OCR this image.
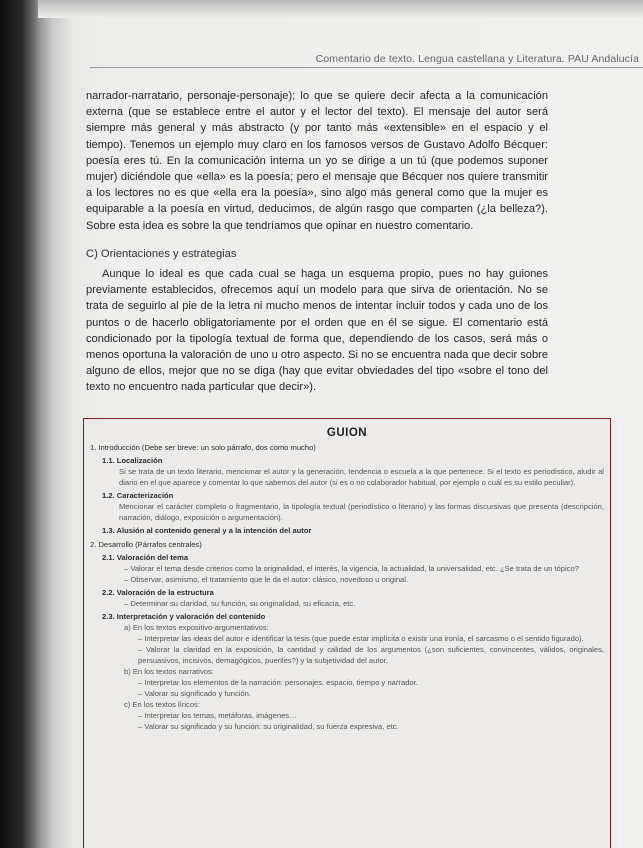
Comentario de texto. Lengua castellana y Literatura. PAU Andalucía
narrador-narratario, personaje-personaje); lo que se quiere decir afecta a la comunicación externa (que se establece entre el autor y el lector del texto). El mensaje del autor será siempre más general y más abstracto (y por tanto más «extensible» en el espacio y el tiempo). Tenemos un ejemplo muy claro en los famosos versos de Gustavo Adolfo Bécquer: poesía eres tú. En la comunicación interna un yo se dirige a un tú (que podemos suponer mujer) diciéndole que «ella» es la poesía; pero el mensaje que Bécquer nos quiere transmitir a los lectores no es que «ella era la poesía», sino algo más general como que la mujer es equiparable a la poesía en virtud, deducimos, de algún rasgo que comparten (¿la belleza?). Sobre esta idea es sobre la que tendríamos que opinar en nuestro comentario.
C) Orientaciones y estrategias
Aunque lo ideal es que cada cual se haga un esquema propio, pues no hay guiones previamente establecidos, ofrecemos aquí un modelo para que sirva de orientación. No se trata de seguirlo al pie de la letra ni mucho menos de intentar incluir todos y cada uno de los puntos o de hacerlo obligatoriamente por el orden que en él se sigue. El comentario está condicionado por la tipología textual de forma que, dependiendo de los casos, será más o menos oportuna la valoración de uno u otro aspecto. Si no se encuentra nada que decir sobre alguno de ellos, mejor que no se diga (hay que evitar obviedades del tipo «sobre el tono del texto no encuentro nada particular que decir»).
GUION
1. Introducción (Debe ser breve: un solo párrafo, dos como mucho)
1.1. Localización
Si se trata de un texto literario, mencionar el autor y la generación, tendencia o escuela a la que pertenece. Si el texto es periodístico, aludir al diario en el que aparece y comentar lo que sabemos del autor (si es o no colaborador habitual, por ejemplo o cuál es su estilo peculiar).
1.2. Caracterización
Mencionar el carácter completo o fragmentario, la tipología textual (periodístico o literario) y las formas discursivas que presenta (descripción, narración, diálogo, exposición o argumentación).
1.3. Alusión al contenido general y a la intención del autor
2. Desarrollo (Párrafos centrales)
2.1. Valoración del tema
– Valorar el tema desde criterios como la originalidad, el interés, la vigencia, la actualidad, la universalidad, etc. ¿Se trata de un tópico?
– Observar, asimismo, el tratamiento que le da el autor: clásico, novedoso u original.
2.2. Valoración de la estructura
– Determinar su claridad, su función, su originalidad, su eficacia, etc.
2.3. Interpretación y valoración del contenido
a) En los textos expositivo-argumentativos:
– Interpretar las ideas del autor e identificar la tesis (que puede estar implícita o existir una ironía, el sarcasmo o el sentido figurado).
– Valorar la claridad en la exposición, la cantidad y calidad de los argumentos (¿son suficientes, convincentes, válidos, originales, persuasivos, incisivos, demagógicos, pueriles?) y la subjetividad del autor.
b) En los textos narrativos:
– Interpretar los elementos de la narración: personajes, espacio, tiempo y narrador.
– Valorar su significado y función.
c) En los textos líricos:
– Interpretar los temas, metáforas, imágenes…
– Valorar su significado y su función: su originalidad, su fuerza expresiva, etc.
